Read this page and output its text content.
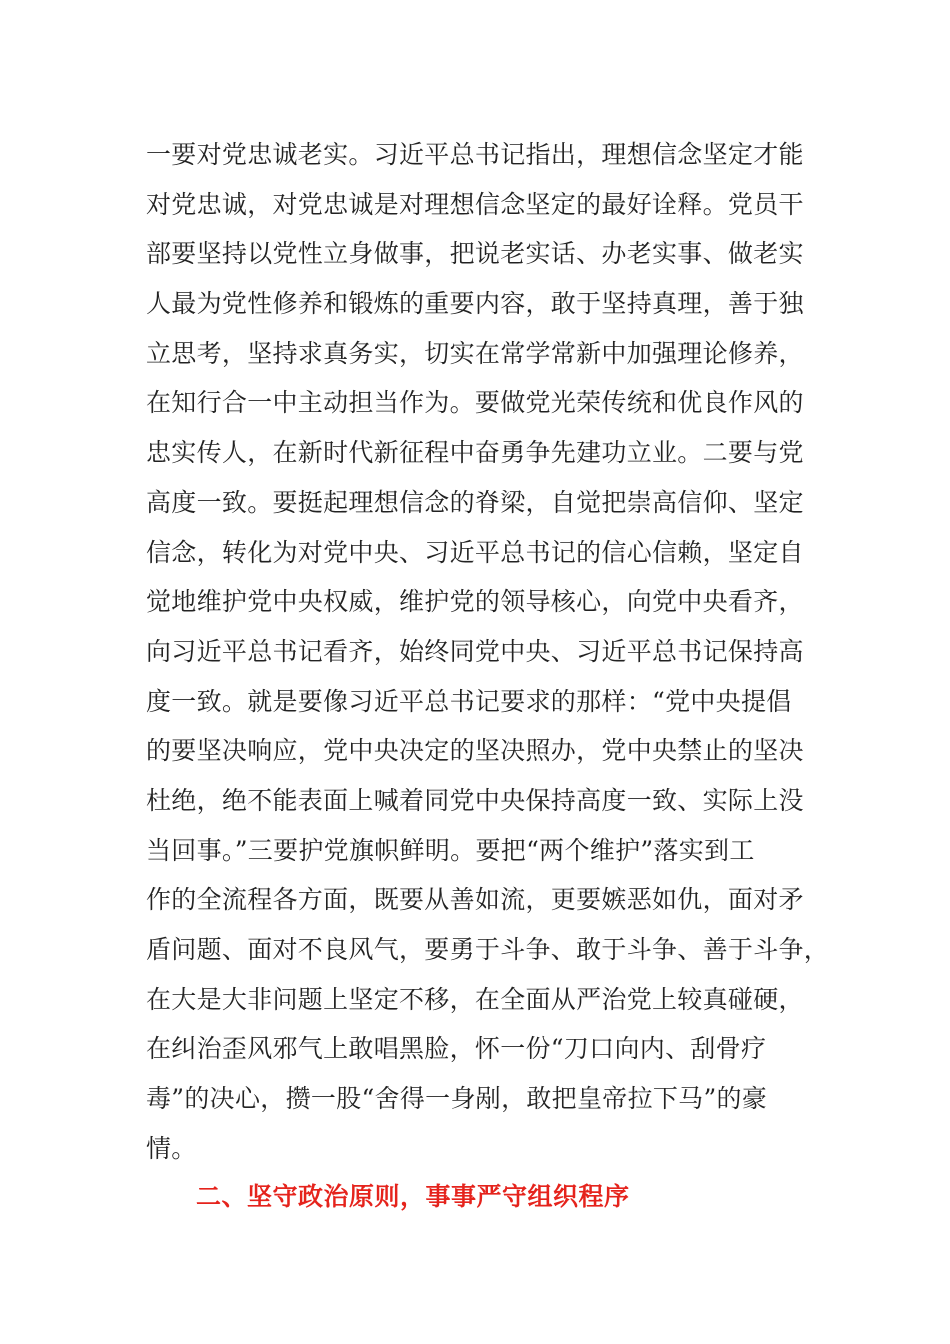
一要对党忠诚老实。习近平总书记指出，理想信念坚定才能
对党忠诚，对党忠诚是对理想信念坚定的最好诠释。党员干
部要坚持以党性立身做事，把说老实话、办老实事、做老实
人最为党性修养和锻炼的重要内容，敢于坚持真理，善于独
立思考，坚持求真务实，切实在常学常新中加强理论修养，
在知行合一中主动担当作为。要做党光荣传统和优良作风的
忠实传人，在新时代新征程中奋勇争先建功立业。二要与党
高度一致。要挺起理想信念的脊梁，自觉把崇高信仰、坚定
信念，转化为对党中央、习近平总书记的信心信赖，坚定自
觉地维护党中央权威，维护党的领导核心，向党中央看齐，
向习近平总书记看齐，始终同党中央、习近平总书记保持高
度一致。就是要像习近平总书记要求的那样：“党中央提倡
的要坚决响应，党中央决定的坚决照办，党中央禁止的坚决
杜绝，绝不能表面上喊着同党中央保持高度一致、实际上没
当回事。”三要护党旗帜鲜明。要把“两个维护”落实到工
作的全流程各方面，既要从善如流，更要嫉恶如仇，面对矛
盾问题、面对不良风气，要勇于斗争、敢于斗争、善于斗争，
在大是大非问题上坚定不移，在全面从严治党上较真碰硬，
在纠治歪风邪气上敢唱黑脸，怀一份“刀口向内、刮骨疗
毒”的决心，攒一股“舍得一身剐，敢把皇帝拉下马”的豪
情。
二、坚守政治原则，事事严守组织程序
